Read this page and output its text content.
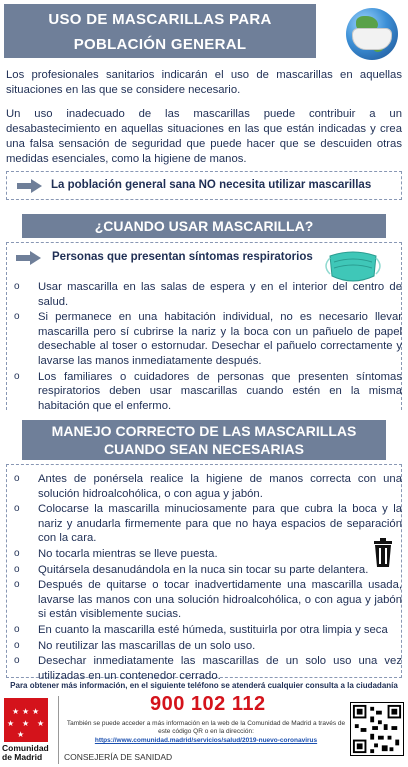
USO DE MASCARILLAS PARA
POBLACIÓN GENERAL

Los profesionales sanitarios indicarán el uso de mascarillas en aquellas situaciones en las que se considere necesario.

Un uso inadecuado de las mascarillas puede contribuir a un desabastecimiento en aquellas situaciones en las que están indicadas y crea una falsa sensación de seguridad que puede hacer que se descuiden otras medidas esenciales, como la higiene de manos.

La población general sana NO necesita utilizar mascarillas
¿CUANDO USAR MASCARILLA?
Personas que presentan síntomas respiratorios
o Usar mascarilla en las salas de espera y en el interior del centro de salud.
o Si permanece en una habitación individual, no es necesario llevar mascarilla pero sí cubrirse la nariz y la boca con un pañuelo de papel desechable al toser o estornudar. Desechar el pañuelo correctamente y lavarse las manos inmediatamente después.
o Los familiares o cuidadores de personas que presenten síntomas respiratorios deben usar mascarillas cuando estén en la misma habitación que el enfermo.
MANEJO CORRECTO DE LAS MASCARILLAS
CUANDO SEAN NECESARIAS
o Antes de ponérsela realice la higiene de manos correcta con una solución hidroalcohólica, o con agua y jabón.
o Colocarse la mascarilla minuciosamente para que cubra la boca y la nariz y anudarla firmemente para que no haya espacios de separación con la cara.
o No tocarla mientras se lleve puesta.
o Quitársela desanudándola en la nuca sin tocar su parte delantera.
o Después de quitarse o tocar inadvertidamente una mascarilla usada, lavarse las manos con una solución hidroalcohólica, o con agua y jabón si están visiblemente sucias.
o En cuanto la mascarilla esté húmeda, sustituirla por otra limpia y seca
o No reutilizar las mascarillas de un solo uso.
o Desechar inmediatamente las mascarillas de un solo uso una vez utilizadas en un contenedor cerrado.
Para obtener más información, en el siguiente teléfono se atenderá cualquier consulta a la ciudadanía
★ ★ ★
★ ★ ★
★
Comunidad
de Madrid
900 102 112
También se puede acceder a más información en la web de la Comunidad de Madrid a través de este código QR o en la dirección:
https://www.comunidad.madrid/servicios/salud/2019-nuevo-coronavirus
CONSEJERÍA DE SANIDAD
